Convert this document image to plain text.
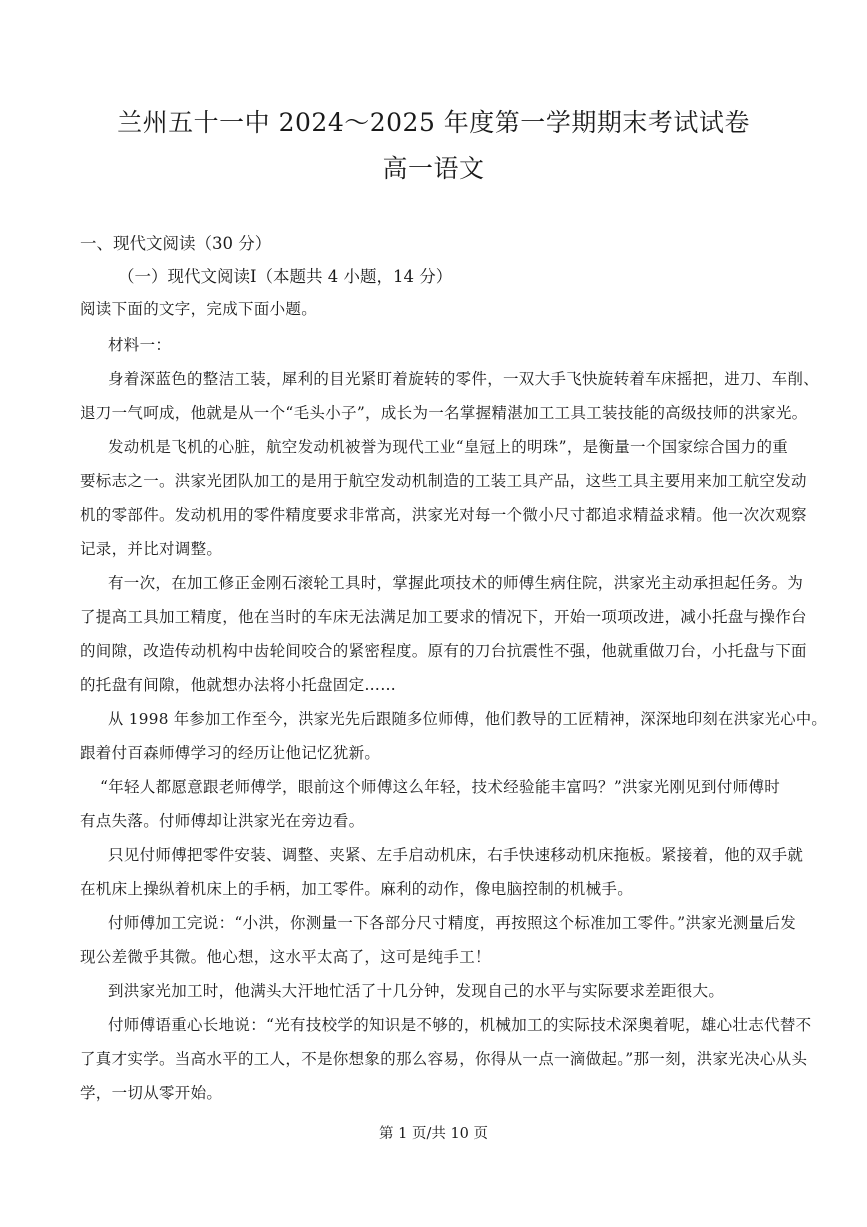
兰州五十一中 2024～2025 年度第一学期期末考试试卷
高一语文
一、现代文阅读（30 分）
（一）现代文阅读Ⅰ（本题共 4 小题，14 分）
阅读下面的文字，完成下面小题。
材料一：
身着深蓝色的整洁工装，犀利的目光紧盯着旋转的零件，一双大手飞快旋转着车床摇把，进刀、车削、
退刀一气呵成，他就是从一个“毛头小子”，成长为一名掌握精湛加工工具工装技能的高级技师的洪家光。
发动机是飞机的心脏，航空发动机被誉为现代工业“皇冠上的明珠”，是衡量一个国家综合国力的重
要标志之一。洪家光团队加工的是用于航空发动机制造的工装工具产品，这些工具主要用来加工航空发动
机的零部件。发动机用的零件精度要求非常高，洪家光对每一个微小尺寸都追求精益求精。他一次次观察
记录，并比对调整。
有一次，在加工修正金刚石滚轮工具时，掌握此项技术的师傅生病住院，洪家光主动承担起任务。为
了提高工具加工精度，他在当时的车床无法满足加工要求的情况下，开始一项项改进，减小托盘与操作台
的间隙，改造传动机构中齿轮间咬合的紧密程度。原有的刀台抗震性不强，他就重做刀台，小托盘与下面
的托盘有间隙，他就想办法将小托盘固定……
从 1998 年参加工作至今，洪家光先后跟随多位师傅，他们教导的工匠精神，深深地印刻在洪家光心中。
跟着付百森师傅学习的经历让他记忆犹新。
“年轻人都愿意跟老师傅学，眼前这个师傅这么年轻，技术经验能丰富吗？”洪家光刚见到付师傅时
有点失落。付师傅却让洪家光在旁边看。
只见付师傅把零件安装、调整、夹紧、左手启动机床，右手快速移动机床拖板。紧接着，他的双手就
在机床上操纵着机床上的手柄，加工零件。麻利的动作，像电脑控制的机械手。
付师傅加工完说：“小洪，你测量一下各部分尺寸精度，再按照这个标准加工零件。”洪家光测量后发
现公差微乎其微。他心想，这水平太高了，这可是纯手工！
到洪家光加工时，他满头大汗地忙活了十几分钟，发现自己的水平与实际要求差距很大。
付师傅语重心长地说：“光有技校学的知识是不够的，机械加工的实际技术深奥着呢，雄心壮志代替不
了真才实学。当高水平的工人，不是你想象的那么容易，你得从一点一滴做起。”那一刻，洪家光决心从头
学，一切从零开始。
第 1 页/共 10 页
